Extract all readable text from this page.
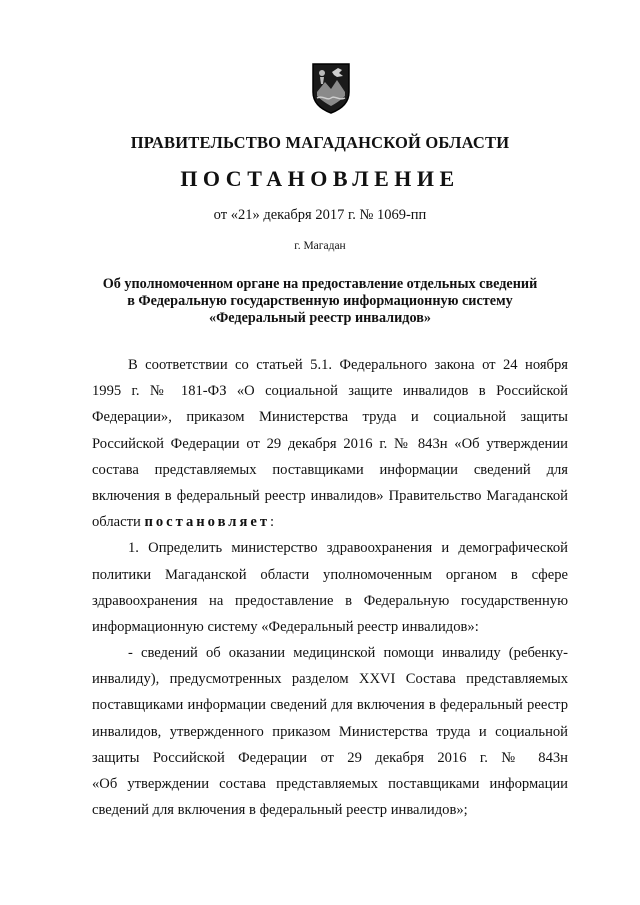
ПРАВИТЕЛЬСТВО МАГАДАНСКОЙ ОБЛАСТИ
ПОСТАНОВЛЕНИЕ
от «21» декабря 2017 г. № 1069-пп
г. Магадан
Об уполномоченном органе на предоставление отдельных сведений
в Федеральную государственную информационную систему
«Федеральный реестр инвалидов»
В соответствии со статьей 5.1. Федерального закона от 24 ноября
1995 г. № 181-ФЗ «О социальной защите инвалидов в Российской
Федерации», приказом Министерства труда и социальной защиты
Российской Федерации от 29 декабря 2016 г. № 843н «Об утверждении
состава представляемых поставщиками информации сведений для
включения в федеральный реестр инвалидов» Правительство Магаданской
области постановляет:
1. Определить министерство здравоохранения и демографической
политики Магаданской области уполномоченным органом в сфере
здравоохранения на предоставление в Федеральную государственную
информационную систему «Федеральный реестр инвалидов»:
- сведений об оказании медицинской помощи инвалиду (ребенку-
инвалиду), предусмотренных разделом XXVI Состава представляемых
поставщиками информации сведений для включения в федеральный реестр
инвалидов, утвержденного приказом Министерства труда и социальной
защиты Российской Федерации от 29 декабря 2016 г. № 843н
«Об утверждении состава представляемых поставщиками информации
сведений для включения в федеральный реестр инвалидов»;
